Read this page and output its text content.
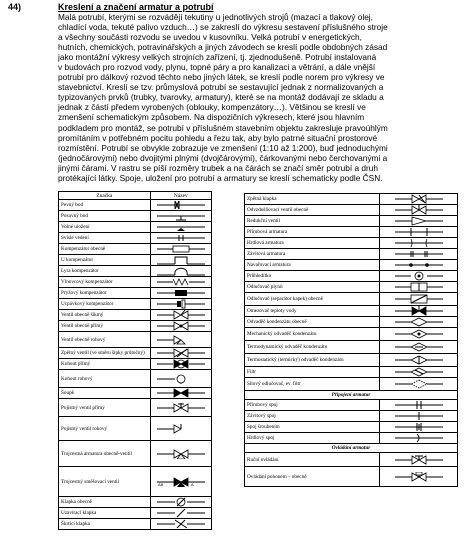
44)	Kreslení a značení armatur a potrubí
Malá potrubí, kterými se rozvádějí tekutiny u jednotlivých strojů (mazací a tlakový olej,
chladící voda, tekuté palivo vzduch…) se zakreslí do výkresu sestavení příslušného stroje
a všechny součásti rozvodu se uvedou v kusovníku. Velká potrubí v energetických,
hutních, chemických, potravinářských a jiných závodech se kreslí podle obdobných zásad
jako montážní výkresy velkých strojních zařízení, tj. zjednodušeně. Potrubí instalovaná
v budovách pro rozvod vody, plynu, topné páry a pro kanalizaci a větrání, a dále vnější
potrubí pro dálkový rozvod těchto nebo jiných látek, se kreslí podle norem pro výkresy ve
stavebnictví. Kreslí se tzv. průmyslová potrubí se sestavující jednak z normalizovaných a
typizovaných prvků (trubky, tvarovky, armatury), které se na montáž dodávají ze skladu a
jednak z částí předem vyrobených (oblouky, kompenzátory…). Většinou se kreslí ve
zmenšení schematickým způsobem. Na dispozičních výkresech, které jsou hlavním
podkladem pro montáž, se potrubí v příslušném stavebním objektu zakresluje pravoúhlým
promítáním v potřebném pocitu pohledu a řezu tak, aby bylo patrné situační prostorové
rozmístění. Potrubí se obvykle zobrazuje ve zmenšení (1:10 až 1:200), buď jednoduchými
(jednočárovými) nebo dvojitými plnými (dvojčárovými), čárkovanými nebo čerchovanými a
jinými čárami. V rastru se píší rozměry trubek a na čárách se značí směr potrubí a druh
protékající látky. Spoje, uložení pro potrubí a armatury se kreslí schematicky podle ČSN.
Značka	Název
Pevný bod	

Posuvný bod	

Volné uložení	

Svislé vedení	

Kompenzátor obecně	

U kompenzátor	

Lyra kompenzátor	

Vlnovcový kompenzátor	

Pryžový kompenzátor	

Ucpávkový kompenzátor	

Ventil obecně šikmý	

Ventil obecně přímý	

Ventil obecně rohový	

Zpětný ventil (ve směru šipky průtočný)	

Kohout přímý	

Kohout rohový	

Šoupě	

Pojistný ventil přímý	

Pojistný ventil rohový	

Trojcestná armatura obecně-ventil	

Trojcestný směšovací ventil	AB A
B

Klapka obecně	

Uzavírací klapka	

Škrtící klapka	
Zpětná klapka	

Odvzdušňovací ventil obecně	

Redukční ventil	

Přírubová armatura	

Hrdlová armatura	

Závitová armatura	

Navařovací armatura	

Průhledítko	

Odlučovač plynů	

Odlučovač (separátor kapek) obecně	

Omezovač teploty vody	

Odvaděč kondenzátu obecně	

Mechanický odvaděč kondenzátu	

Termodynamický odvaděč kondenzátu	

Termostatický (termický) odvaděč kondenzátu	

Filtr	

Sítový odlučovač, ev. filtr	

Připojení armatur	
Přírubový spoj	

Závitový spoj	

Spoj šroubením	

Hrdlový spoj	

Ovládání armatur	
Ruční ovládání	

Ovládání pohonem – obecně	
